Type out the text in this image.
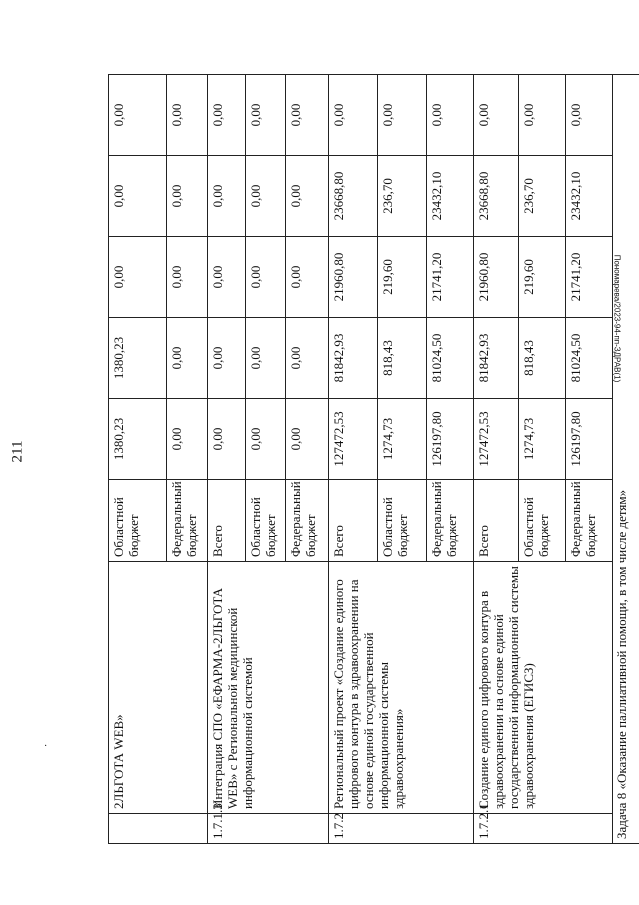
211
·
Пономарева/2023-94-пп-ЗДРАВ(1)
	2ЛЬГОТА WEB»	Областной бюджет	1380,23	1380,23	0,00	0,00	0,00
		Федеральный бюджет	0,00	0,00	0,00	0,00	0,00
1.7.1.3	Интеграция СПО «ЕФАРМА-2ЛЬГОТА WEB» с Региональной медицинской информационной системой	Всего	0,00	0,00	0,00	0,00	0,00
		Областной бюджет	0,00	0,00	0,00	0,00	0,00
		Федеральный бюджет	0,00	0,00	0,00	0,00	0,00
1.7.2	Региональный проект «Создание единого цифрового контура в здравоохранении на основе единой государственной информационной системы здравоохранения»	Всего	127472,53	81842,93	21960,80	23668,80	0,00
		Областной бюджет	1274,73	818,43	219,60	236,70	0,00
		Федеральный бюджет	126197,80	81024,50	21741,20	23432,10	0,00
1.7.2.1	Создание единого цифрового контура в здравоохранении на основе единой государственной информационной системы здравоохранения (ЕГИСЗ)	Всего	127472,53	81842,93	21960,80	23668,80	0,00
		Областной бюджет	1274,73	818,43	219,60	236,70	0,00
		Федеральный бюджет	126197,80	81024,50	21741,20	23432,10	0,00
Задача 8 «Оказание паллиативной помощи, в том числе детям»							
